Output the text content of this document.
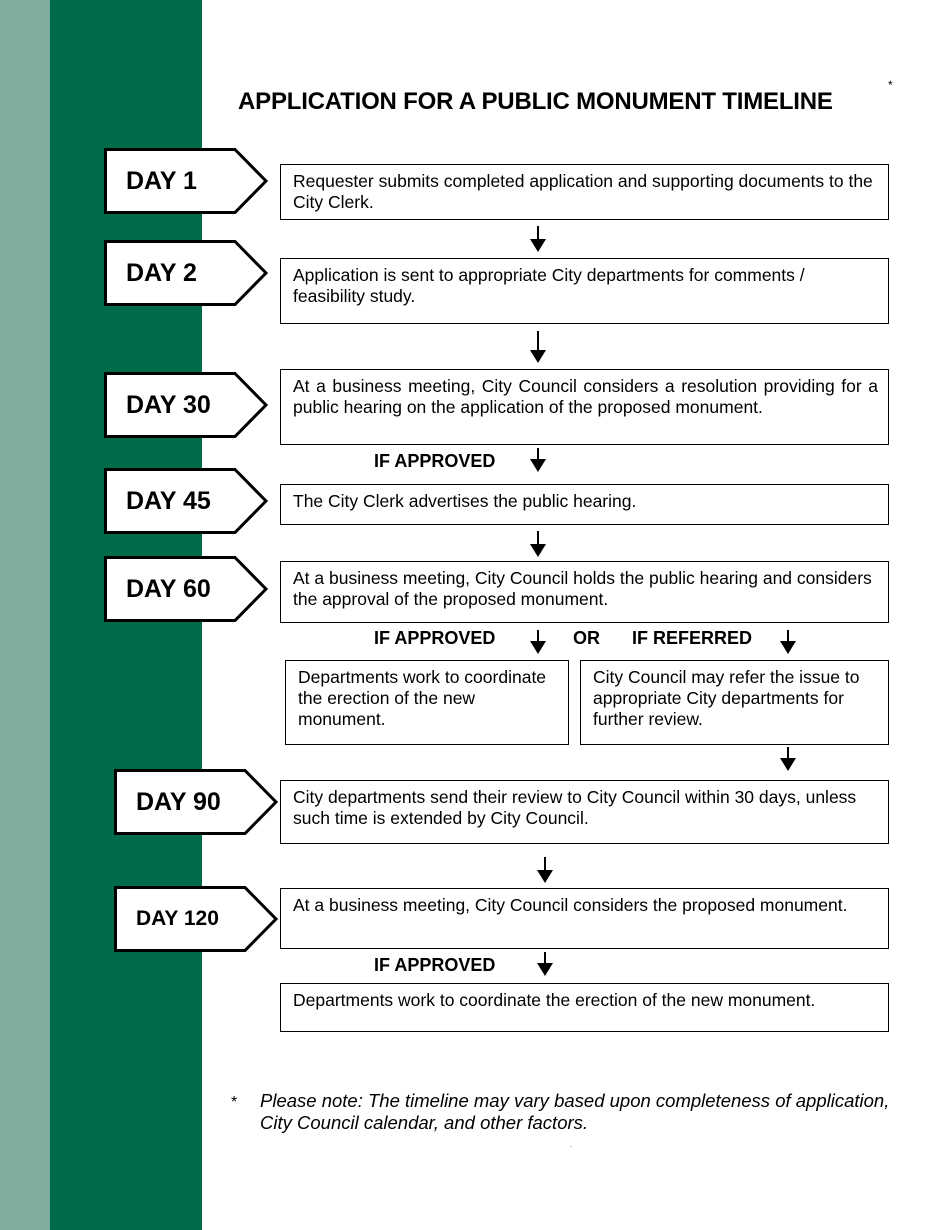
APPLICATION FOR A PUBLIC MONUMENT TIMELINE
*
DAY 1
DAY 2
DAY 30
DAY 45
DAY 60
DAY 90
DAY 120
Requester submits completed application and supporting documents to the City Clerk.
Application is sent to appropriate City departments for comments / feasibility study.
At a business meeting, City Council considers a resolution providing for a public hearing on the application of the proposed monument.
The City Clerk advertises the public hearing.
At a business meeting, City Council holds the public hearing and considers the approval of the proposed monument.
Departments work to coordinate the erection of the new monument.
City Council may refer the issue to appropriate City departments for further review.
City departments send their review to City Council within 30 days, unless such time is extended by City Council.
At a business meeting, City Council considers the proposed monument.
Departments work to coordinate the erection of the new monument.
IF APPROVED
IF APPROVED	OR IF REFERRED
IF APPROVED
* Please note: The timeline may vary based upon completeness of application, City Council calendar, and other factors.
.
